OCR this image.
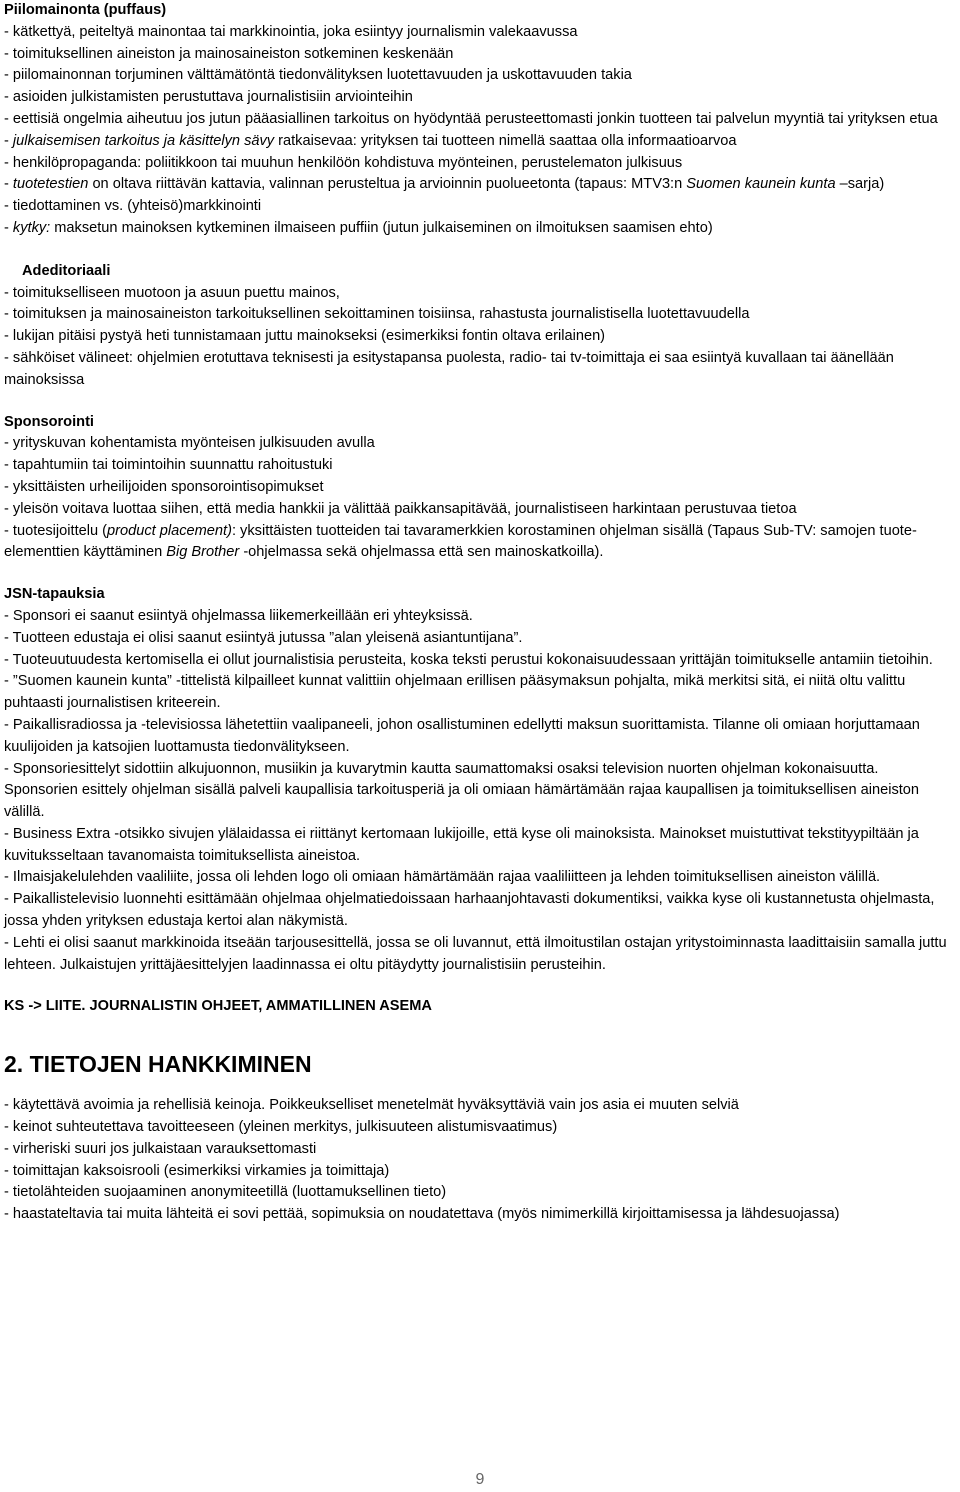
Piilomainonta (puffaus)

- kätkettyä, peiteltyä mainontaa tai markkinointia, joka esiintyy journalismin valekaavussa

- toimituksellinen aineiston ja mainosaineiston sotkeminen keskenään

- piilomainonnan torjuminen välttämätöntä tiedonvälityksen luotettavuuden ja uskottavuuden takia

- asioiden julkistamisten perustuttava journalistisiin arviointeihin

- eettisiä ongelmia aiheutuu jos jutun pääasiallinen tarkoitus on hyödyntää perusteettomasti jonkin tuotteen tai palvelun myyntiä tai yrityksen etua

- julkaisemisen tarkoitus ja käsittelyn sävy ratkaisevaa: yrityksen tai tuotteen nimellä saattaa olla informaatioarvoa

- henkilöpropaganda: poliitikkoon tai muuhun henkilöön kohdistuva myönteinen, perustelematon julkisuus

- tuotetestien on oltava riittävän kattavia, valinnan perusteltua ja arvioinnin puolueetonta (tapaus: MTV3:n Suomen kaunein kunta –sarja)

- tiedottaminen vs. (yhteisö)markkinointi

- kytky: maksetun mainoksen kytkeminen ilmaiseen puffiin (jutun julkaiseminen on ilmoituksen saamisen ehto)

Adeditoriaali

- toimitukselliseen muotoon ja asuun puettu mainos,

- toimituksen ja mainosaineiston tarkoituksellinen sekoittaminen toisiinsa, rahastusta journalistisella luotettavuudella

- lukijan pitäisi pystyä heti tunnistamaan juttu mainokseksi (esimerkiksi fontin oltava erilainen)

- sähköiset välineet: ohjelmien erotuttava teknisesti ja esitystapansa puolesta, radio- tai tv-toimittaja ei saa esiintyä kuvallaan tai äänellään mainoksissa

Sponsorointi

- yrityskuvan kohentamista myönteisen julkisuuden avulla

- tapahtumiin tai toimintoihin suunnattu rahoitustuki

- yksittäisten urheilijoiden sponsorointisopimukset

- yleisön voitava luottaa siihen, että media hankkii ja välittää paikkansapitävää, journalistiseen harkintaan perustuvaa tietoa

- tuotesijoittelu (product placement): yksittäisten tuotteiden tai tavaramerkkien korostaminen ohjelman sisällä (Tapaus Sub-TV: samojen tuote-elementtien käyttäminen Big Brother -ohjelmassa sekä ohjelmassa että sen mainoskatkoilla).

JSN-tapauksia

- Sponsori ei saanut esiintyä ohjelmassa liikemerkeillään eri yhteyksissä.

- Tuotteen edustaja ei olisi saanut esiintyä jutussa ”alan yleisenä asiantuntijana”.

- Tuoteuutuudesta kertomisella ei ollut journalistisia perusteita, koska teksti perustui kokonaisuudessaan yrittäjän toimitukselle antamiin tietoihin.

- ”Suomen kaunein kunta” -tittelistä kilpailleet kunnat valittiin ohjelmaan erillisen pääsymaksun pohjalta, mikä merkitsi sitä, ei niitä oltu valittu puhtaasti journalistisen kriteerein.

- Paikallisradiossa ja -televisiossa lähetettiin vaalipaneeli, johon osallistuminen edellytti maksun suorittamista. Tilanne oli omiaan horjuttamaan kuulijoiden ja katsojien luottamusta tiedonvälitykseen.

- Sponsoriesittelyt sidottiin alkujuonnon, musiikin ja kuvarytmin kautta saumattomaksi osaksi television nuorten ohjelman kokonaisuutta. Sponsorien esittely ohjelman sisällä palveli kaupallisia tarkoitusperiä ja oli omiaan hämärtämään rajaa kaupallisen ja toimituksellisen aineiston välillä.

- Business Extra -otsikko sivujen ylälaidassa ei riittänyt kertomaan lukijoille, että kyse oli mainoksista. Mainokset muistuttivat tekstityypiltään ja kuvituksseltaan tavanomaista toimituksellista aineistoa.

- Ilmaisjakelulehden vaaliliite, jossa oli lehden logo oli omiaan hämärtämään rajaa vaaliliitteen ja lehden toimituksellisen aineiston välillä.

- Paikallistelevisio luonnehti esittämään ohjelmaa ohjelmatiedoissaan harhaanjohtavasti dokumentiksi, vaikka kyse oli kustannetusta ohjelmasta, jossa yhden yrityksen edustaja kertoi alan näkymistä.

- Lehti ei olisi saanut markkinoida itseään tarjousesittellä, jossa se oli luvannut, että ilmoitustilan ostajan yritystoiminnasta laadittaisiin samalla juttu lehteen. Julkaistujen yrittäjäesittelyjen laadinnassa ei oltu pitäydytty journalistisiin perusteihin.

KS -> LIITE. JOURNALISTIN OHJEET, AMMATILLINEN ASEMA

2. TIETOJEN HANKKIMINEN

- käytettävä avoimia ja rehellisiä keinoja. Poikkeukselliset menetelmät hyväksyttäviä vain jos asia ei muuten selviä

- keinot suhteutettava tavoitteeseen (yleinen merkitys, julkisuuteen alistumisvaatimus)

- virheriski suuri jos julkaistaan varauksettomasti

- toimittajan kaksoisrooli (esimerkiksi virkamies ja toimittaja)

- tietolähteiden suojaaminen anonymiteetillä (luottamuksellinen tieto)

- haastateltavia tai muita lähteitä ei sovi pettää, sopimuksia on noudatettava (myös nimimerkillä kirjoittamisessa ja lähdesuojassa)

9
